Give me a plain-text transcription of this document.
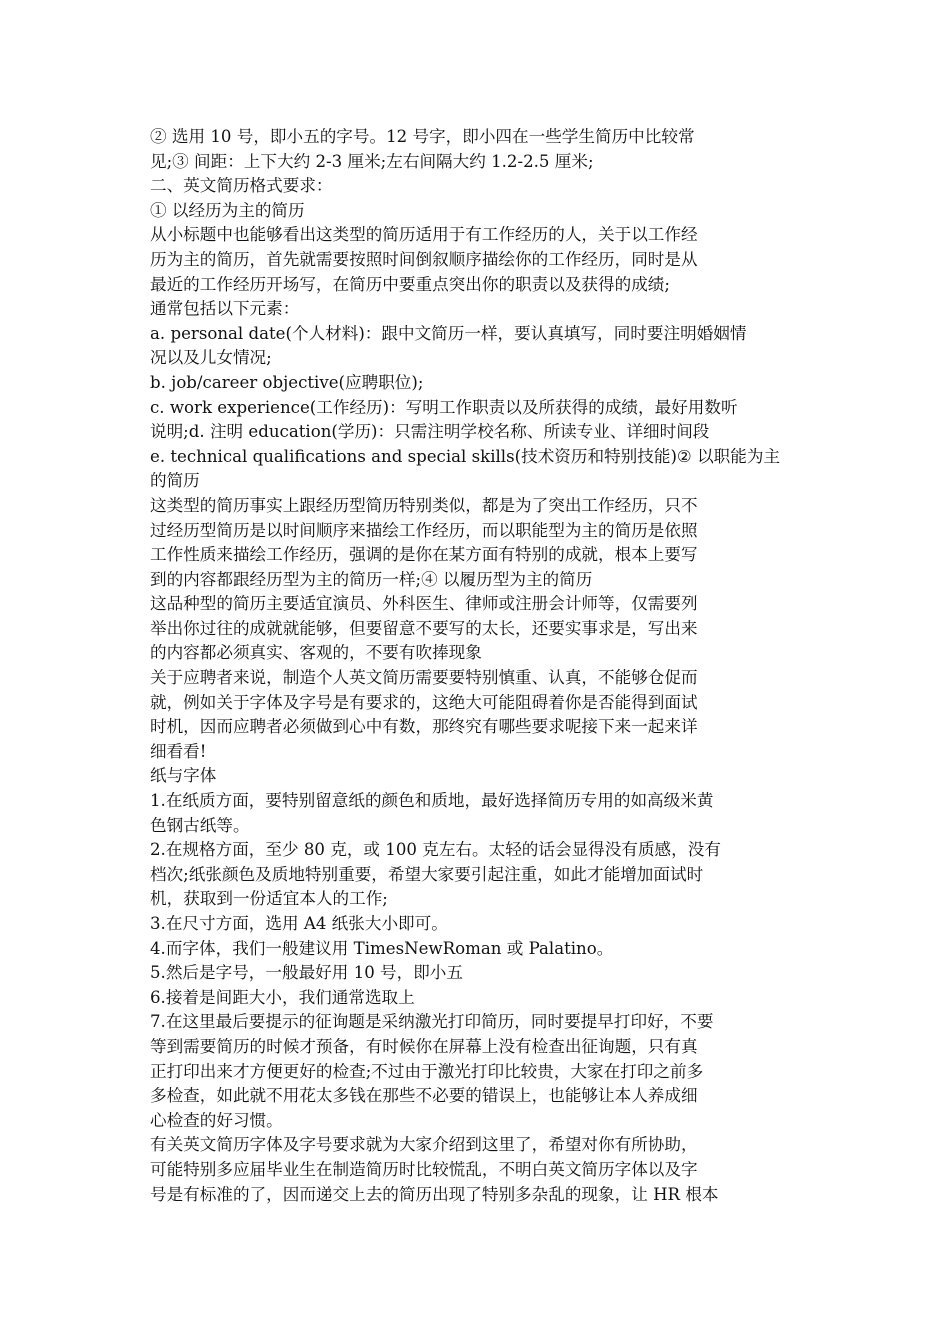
② 选用 10 号，即小五的字号。12 号字，即小四在一些学生简历中比较常
见;③ 间距：上下大约 2-3 厘米;左右间隔大约 1.2-2.5 厘米;
二、英文简历格式要求：
① 以经历为主的简历
从小标题中也能够看出这类型的简历适用于有工作经历的人，关于以工作经
历为主的简历，首先就需要按照时间倒叙顺序描绘你的工作经历，同时是从
最近的工作经历开场写，在简历中要重点突出你的职责以及获得的成绩;
通常包括以下元素：
a. personal date(个人材料)：跟中文简历一样，要认真填写，同时要注明婚姻情
况以及儿女情况;
b. job/career objective(应聘职位);
c. work experience(工作经历)：写明工作职责以及所获得的成绩，最好用数听
说明;d. 注明 education(学历)：只需注明学校名称、所读专业、详细时间段
e. technical qualifications and special skills(技术资历和特别技能)② 以职能为主
的简历
这类型的简历事实上跟经历型简历特别类似，都是为了突出工作经历，只不
过经历型简历是以时间顺序来描绘工作经历，而以职能型为主的简历是依照
工作性质来描绘工作经历，强调的是你在某方面有特别的成就，根本上要写
到的内容都跟经历型为主的简历一样;④ 以履历型为主的简历
这品种型的简历主要适宜演员、外科医生、律师或注册会计师等，仅需要列
举出你过往的成就就能够，但要留意不要写的太长，还要实事求是，写出来
的内容都必须真实、客观的，不要有吹捧现象
关于应聘者来说，制造个人英文简历需要要特别慎重、认真，不能够仓促而
就，例如关于字体及字号是有要求的，这绝大可能阻碍着你是否能得到面试
时机，因而应聘者必须做到心中有数，那终究有哪些要求呢接下来一起来详
细看看!
纸与字体
1.在纸质方面，要特别留意纸的颜色和质地，最好选择简历专用的如高级米黄
色钢古纸等。
2.在规格方面，至少 80 克，或 100 克左右。太轻的话会显得没有质感，没有
档次;纸张颜色及质地特别重要，希望大家要引起注重，如此才能增加面试时
机，获取到一份适宜本人的工作;
3.在尺寸方面，选用 A4 纸张大小即可。
4.而字体，我们一般建议用 TimesNewRoman 或 Palatino。
5.然后是字号，一般最好用 10 号，即小五
6.接着是间距大小，我们通常选取上
7.在这里最后要提示的征询题是采纳激光打印简历，同时要提早打印好，不要
等到需要简历的时候才预备，有时候你在屏幕上没有检查出征询题，只有真
正打印出来才方便更好的检查;不过由于激光打印比较贵，大家在打印之前多
多检查，如此就不用花太多钱在那些不必要的错误上，也能够让本人养成细
心检查的好习惯。
有关英文简历字体及字号要求就为大家介绍到这里了，希望对你有所协助，
可能特别多应届毕业生在制造简历时比较慌乱，不明白英文简历字体以及字
号是有标准的了，因而递交上去的简历出现了特别多杂乱的现象，让 HR 根本
